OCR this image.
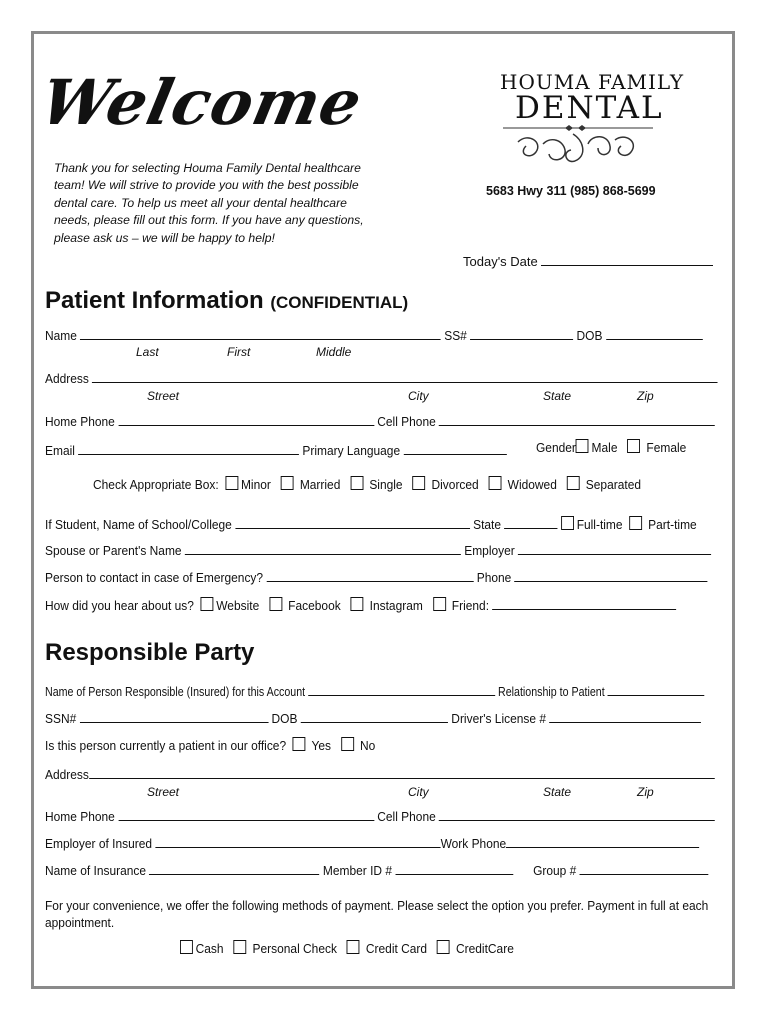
Welcome
Thank you for selecting Houma Family Dental healthcare team! We will strive to provide you with the best possible dental care. To help us meet all your dental healthcare needs, please fill out this form. If you have any questions, please ask us – we will be happy to help!
HOUMA FAMILY
DENTAL
5683 Hwy 311 (985) 868-5699
Today's Date
Patient Information (CONFIDENTIAL)
Name	SS#	DOB
Last	First	Middle
Address
Street	City	State	Zip
Home Phone	Cell Phone
Email	Primary Language	Gender Male Female
Check Appropriate Box: Minor Married Single Divorced Widowed Separated
If Student, Name of School/College	State	Full-time Part-time
Spouse or Parent's Name	Employer
Person to contact in case of Emergency?	Phone
How did you hear about us? Website Facebook Instagram Friend:
Responsible Party
Name of Person Responsible (Insured) for this Account	Relationship to Patient
SSN#	DOB	Driver's License #
Is this person currently a patient in our office? Yes No
Address
Street	City	State	Zip
Home Phone	Cell Phone
Employer of Insured	Work Phone
Name of Insurance	Member ID #	Group #
For your convenience, we offer the following methods of payment. Please select the option you prefer. Payment in full at each appointment.
Cash Personal Check Credit Card CreditCare
